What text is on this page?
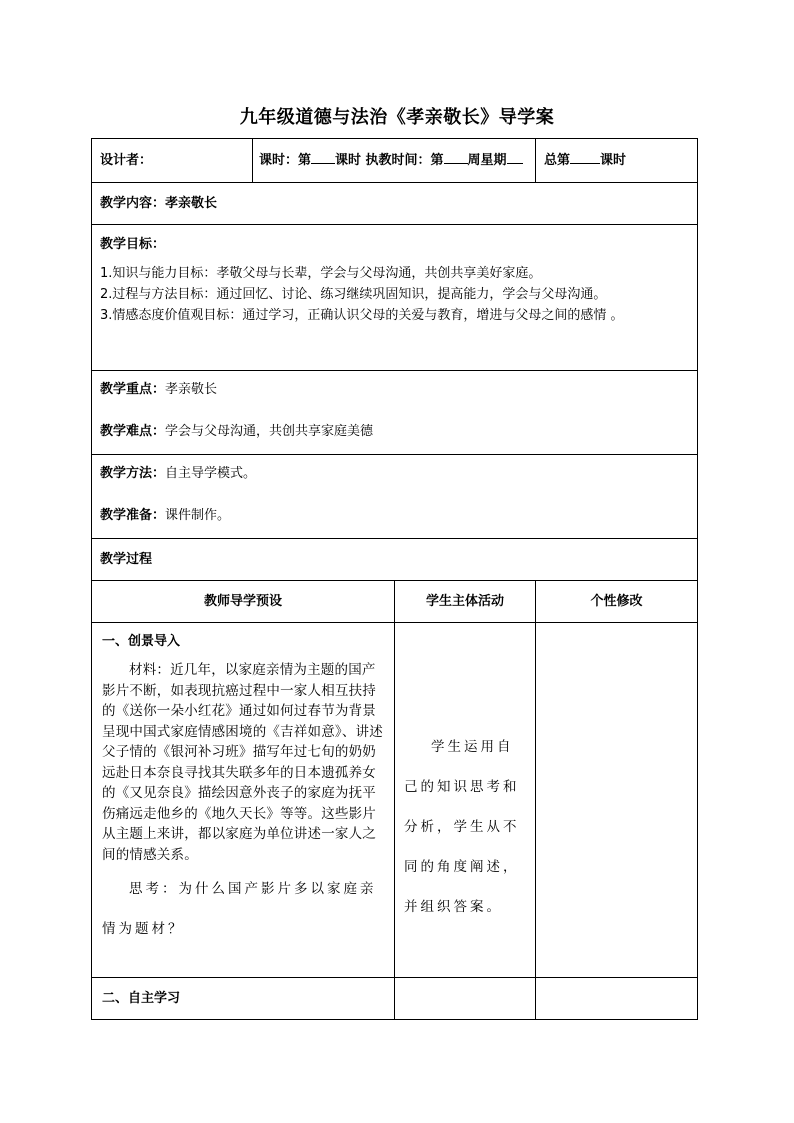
九年级道德与法治《孝亲敬长》导学案
设计者：	课时：第 课时 执教时间：第 周星期		总第 课时
教学内容：孝亲敬长			

教学目标：

1.知识与能力目标：孝敬父母与长辈，学会与父母沟通，共创共享美好家庭。

2.过程与方法目标：通过回忆、讨论、练习继续巩固知识，提高能力，学会与父母沟通。

3.情感态度价值观目标：通过学习，正确认识父母的关爱与教育，增进与父母之间的感情 。			

教学重点：孝亲敬长
教学难点：学会与父母沟通，共创共享家庭美德			

教学方法：自主导学模式。
教学准备：课件制作。			

教学过程			
教师导学预设		学生主体活动	个性修改

一、创景导入

材料：近几年，以家庭亲情为主题的国产影片不断，如表现抗癌过程中一家人相互扶持的《送你一朵小红花》通过如何过春节为背景呈现中国式家庭情感困境的《吉祥如意》、讲述父子情的《银河补习班》描写年过七旬的奶奶远赴日本奈良寻找其失联多年的日本遗孤养女的《又见奈良》描绘因意外丧子的家庭为抚平伤痛远走他乡的《地久天长》等等。这些影片从主题上来讲，都以家庭为单位讲述一家人之间的情感关系。

思考：为什么国产影片多以家庭亲情为题材？		学生运用自己的知识思考和分析，学生从不同的角度阐述，并组织答案。	

二、自主学习			
